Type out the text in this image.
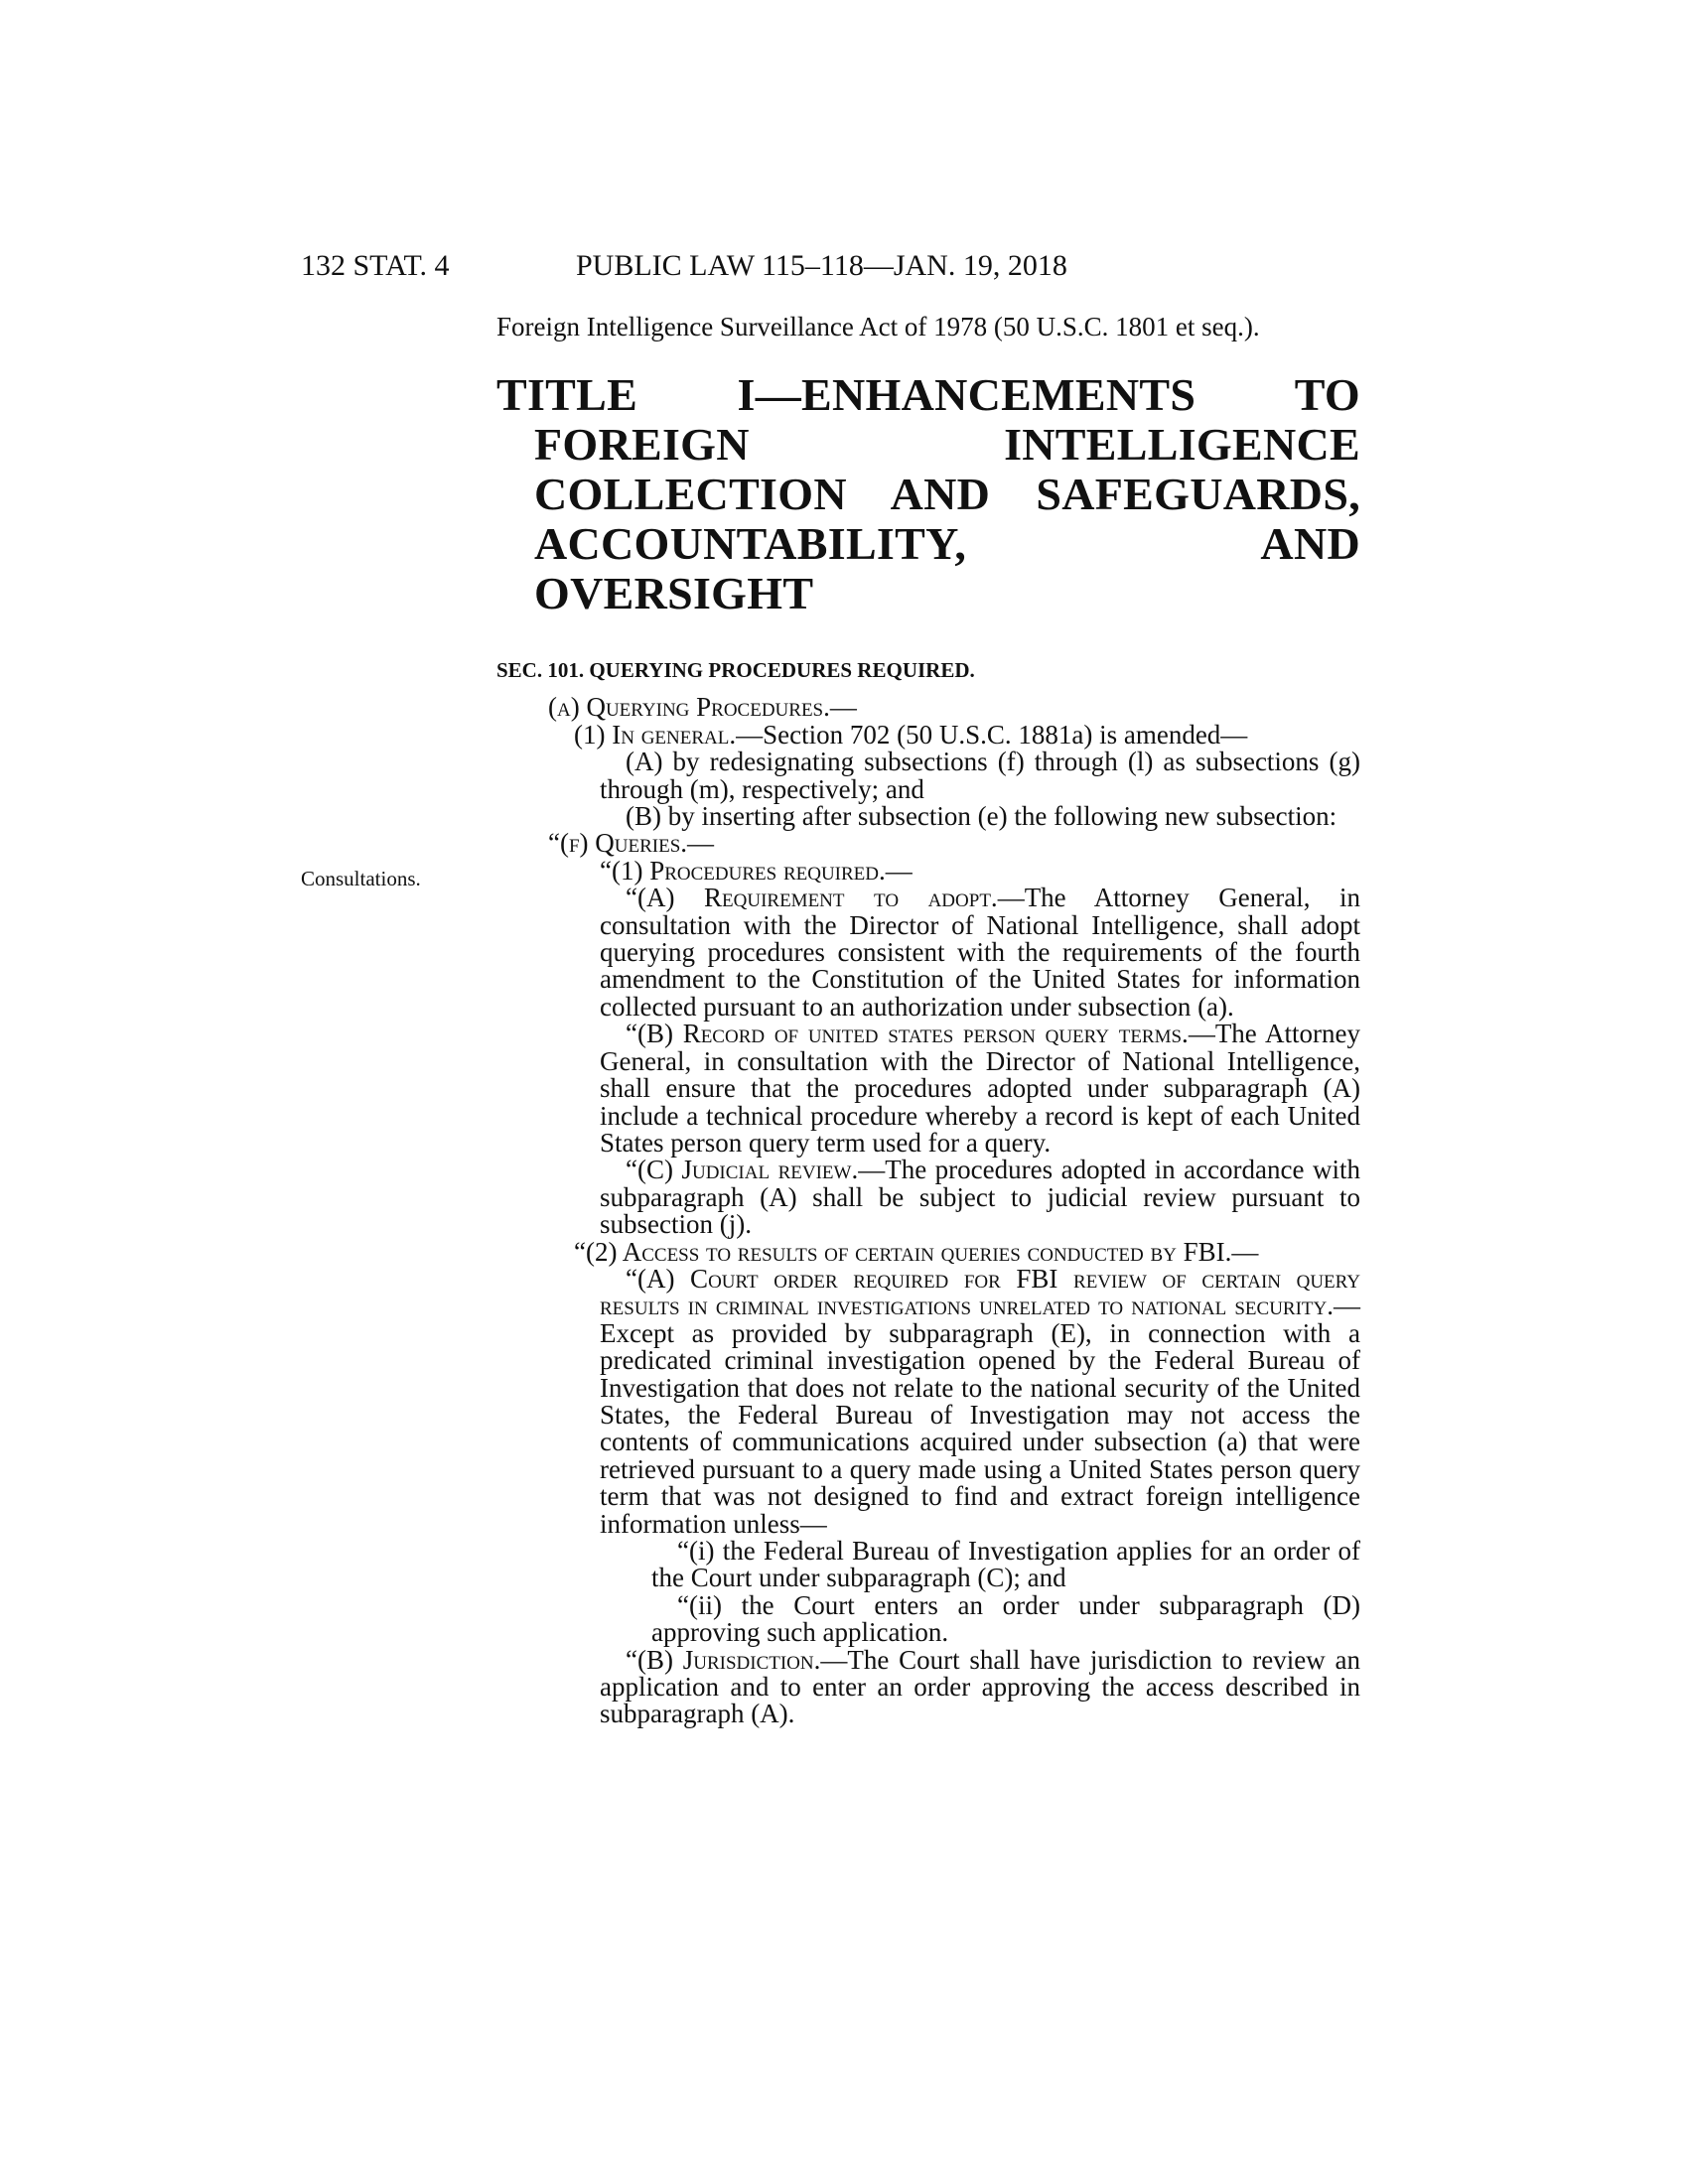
132 STAT. 4	PUBLIC LAW 115–118—JAN. 19, 2018
Consultations.

Foreign Intelligence Surveillance Act of 1978 (50 U.S.C. 1801 et seq.).

TITLE I—ENHANCEMENTS TO FOREIGN INTELLIGENCE COLLECTION AND SAFEGUARDS, ACCOUNTABILITY, AND OVERSIGHT
SEC. 101. QUERYING PROCEDURES REQUIRED.

(a) Querying Procedures.—

(1) In general.—Section 702 (50 U.S.C. 1881a) is amended—

(A) by redesignating subsections (f) through (l) as subsections (g) through (m), respectively; and

(B) by inserting after subsection (e) the following new subsection:

“(f) Queries.—

“(1) Procedures required.—

“(A) Requirement to adopt.—The Attorney General, in consultation with the Director of National Intelligence, shall adopt querying procedures consistent with the requirements of the fourth amendment to the Constitution of the United States for information collected pursuant to an authorization under subsection (a).

“(B) Record of united states person query terms.—The Attorney General, in consultation with the Director of National Intelligence, shall ensure that the procedures adopted under subparagraph (A) include a technical procedure whereby a record is kept of each United States person query term used for a query.

“(C) Judicial review.—The procedures adopted in accordance with subparagraph (A) shall be subject to judicial review pursuant to subsection (j).

“(2) Access to results of certain queries conducted by FBI.—

“(A) Court order required for FBI review of certain query results in criminal investigations unrelated to national security.—Except as provided by subparagraph (E), in connection with a predicated criminal investigation opened by the Federal Bureau of Investigation that does not relate to the national security of the United States, the Federal Bureau of Investigation may not access the contents of communications acquired under subsection (a) that were retrieved pursuant to a query made using a United States person query term that was not designed to find and extract foreign intelligence information unless—

“(i) the Federal Bureau of Investigation applies for an order of the Court under subparagraph (C); and

“(ii) the Court enters an order under subparagraph (D) approving such application.

“(B) Jurisdiction.—The Court shall have jurisdiction to review an application and to enter an order approving the access described in subparagraph (A).
